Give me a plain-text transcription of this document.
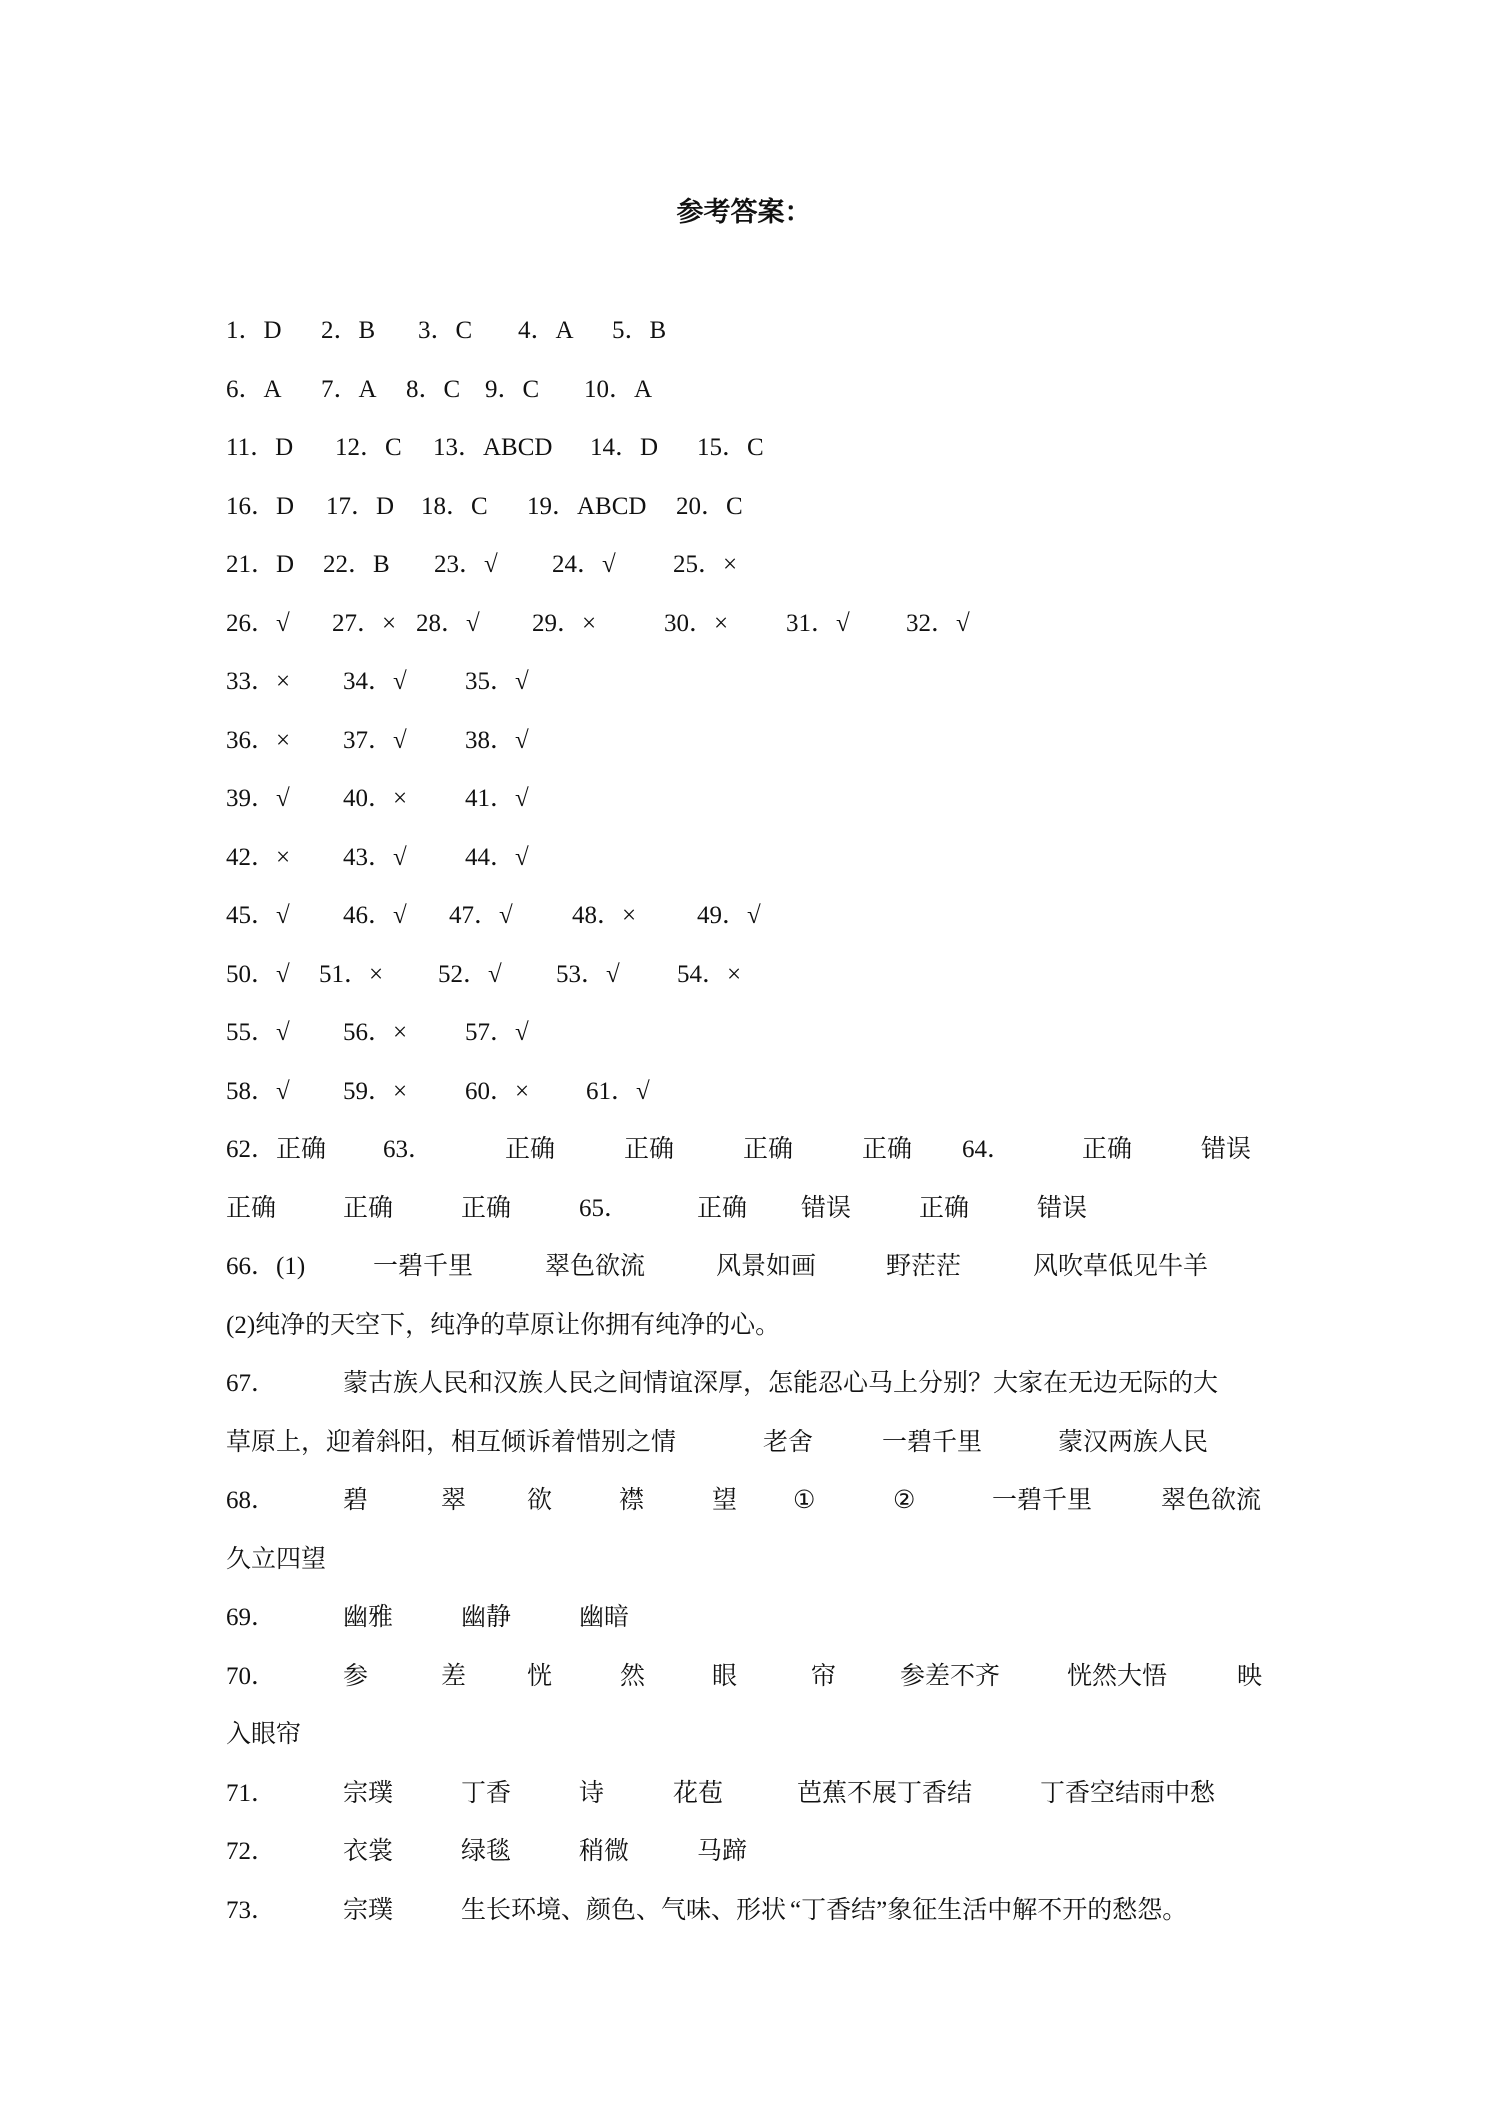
参考答案：
1．D 2．B 3．C 4．A 5．B
6．A 7．A 8．C 9．C 10．A
11．D 12．C 13．ABCD 14．D 15．C
16．D 17．D 18．C 19．ABCD 20．C
21．D 22．B 23．√ 24．√ 25．×
26．√ 27．× 28．√ 29．×	30．× 31．√ 32．√
33．× 34．√ 35．√
36．× 37．√ 38．√
39．√ 40．× 41．√
42．× 43．√ 44．√
45．√ 46．√ 47．√ 48．× 49．√
50．√ 51．× 52．√ 53．√ 54．×
55．√ 56．× 57．√
58．√ 59．× 60．× 61．√
62．正确 63．	正确	正确	正确	正确 64．	正确	错误
正确	正确	正确	65．	正确 错误	正确	错误
66．(1)	一碧千里	翠色欲流	风景如画	野茫茫	风吹草低见牛羊
(2)纯净的天空下，纯净的草原让你拥有纯净的心。
67．	蒙古族人民和汉族人民之间情谊深厚，怎能忍心马上分别？大家在无边无际的大
草原上，迎着斜阳，相互倾诉着惜别之情	老舍	一碧千里	蒙汉两族人民
68．	碧	翠 欲	襟	望 ①	②	一碧千里	翠色欲流
久立四望
69．	幽雅	幽静	幽暗
70．	参	差 恍	然	眼	帘	参差不齐	恍然大悟	映
入眼帘
71．	宗璞	丁香	诗	花苞	芭蕉不展丁香结	丁香空结雨中愁
72．	衣裳	绿毯	稍微	马蹄
73．	宗璞	生长环境、颜色、气味、形状 “丁香结”象征生活中解不开的愁怨。
